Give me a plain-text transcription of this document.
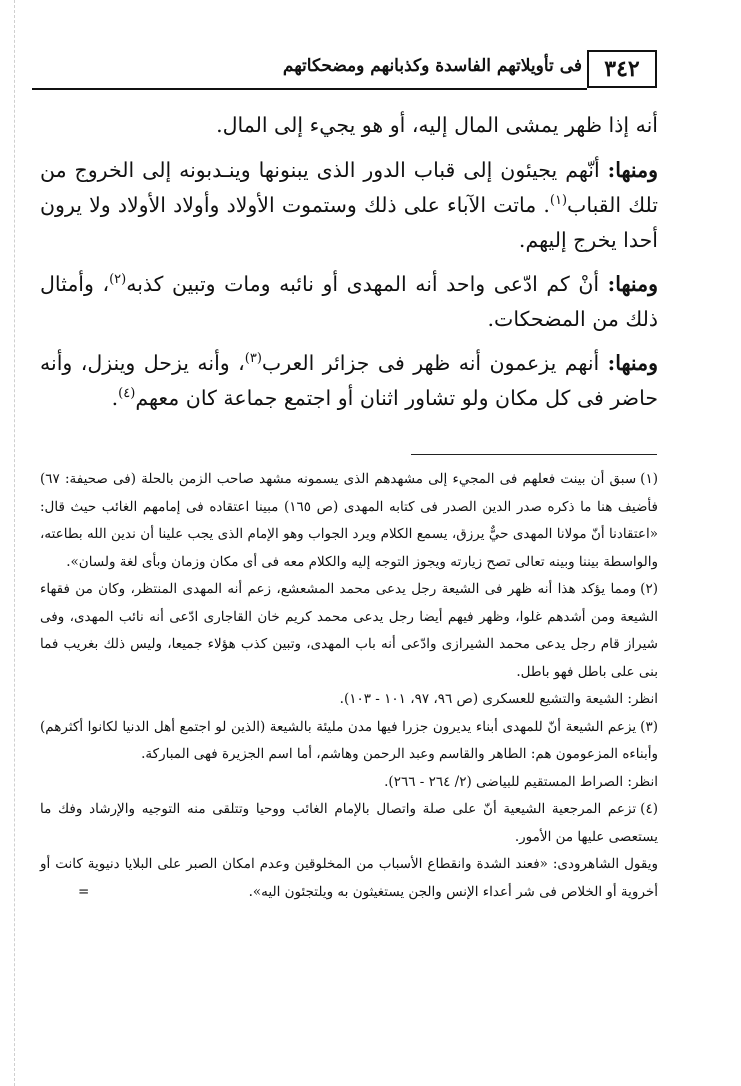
٣٤٢
فى تأويلاتهم الفاسدة وكذبانهم ومضحكاتهم

أنه إذا ظهر يمشى المال إليه، أو هو يجيء إلى المال.

ومنها: أنّهم يجيئون إلى قباب الدور الذى يبنونها وينـدبونه إلى الخروج من تلك القباب$^{(١)}$. ماتت الآباء على ذلك وستموت الأولاد وأولاد الأولاد ولا يرون أحدا يخرج إليهم.

ومنها: أنْ كم ادّعى واحد أنه المهدى أو نائبه ومات وتبين كذبه$^{(٢)}$، وأمثال ذلك من المضحكات.

ومنها: أنهم يزعمون أنه ظهر فى جزائر العرب$^{(٣)}$، وأنه يزحل وينزل، وأنه حاضر فى كل مكان ولو تشاور اثنان أو اجتمع جماعة كان معهم$^{(٤)}$.

(١)سبق أن بينت فعلهم فى المجيء إلى مشهدهم الذى يسمونه مشهد صاحب الزمن بالحلة (فى صحيفة: ٦٧) فأضيف هنا ما ذكره صدر الدين الصدر فى كتابه المهدى (ص ١٦٥) مبينا اعتقاده فى إمامهم الغائب حيث قال: «اعتقادنا أنّ مولانا المهدى حيٌّ يرزق، يسمع الكلام ويرد الجواب وهو الإمام الذى يجب علينا أن ندين الله بطاعته، والواسطة بيننا وبينه تعالى تصح زيارته ويجوز التوجه إليه والكلام معه فى أى مكان وزمان وبأى لغة ولسان».

(٢)ومما يؤكد هذا أنه ظهر فى الشيعة رجل يدعى محمد المشعشع، زعم أنه المهدى المنتظر، وكان من فقهاء الشيعة ومن أشدهم غلوا، وظهر فيهم أيضا رجل يدعى محمد كريم خان القاجارى ادّعى أنه نائب المهدى، وفى شيراز قام رجل يدعى محمد الشيرازى وادّعى أنه باب المهدى، وتبين كذب هؤلاء جميعا، وليس ذلك بغريب فما بنى على باطل فهو باطل.

انظر: الشيعة والتشيع للعسكرى (ص ٩٦، ٩٧، ١٠١ - ١٠٣).

(٣)يزعم الشيعة أنّ للمهدى أبناء يديرون جزرا فيها مدن مليئة بالشيعة (الذين لو اجتمع أهل الدنيا لكانوا أكثرهم) وأبناءه المزعومون هم: الطاهر والقاسم وعبد الرحمن وهاشم، أما اسم الجزيرة فهى المباركة.

انظر: الصراط المستقيم للبياضى (٢/ ٢٦٤ - ٢٦٦).

(٤)تزعم المرجعية الشيعية أنّ على صلة واتصال بالإمام الغائب ووحيا وتتلقى منه التوجيه والإرشاد وفك ما يستعصى عليها من الأمور.

ويقول الشاهرودى: «فعند الشدة وانقطاع الأسباب من المخلوقين وعدم امكان الصبر على البلايا دنيوية كانت أو أخروية أو الخلاص فى شر أعداء الإنس والجن يستغيثون به ويلتجئون اليه».
=
